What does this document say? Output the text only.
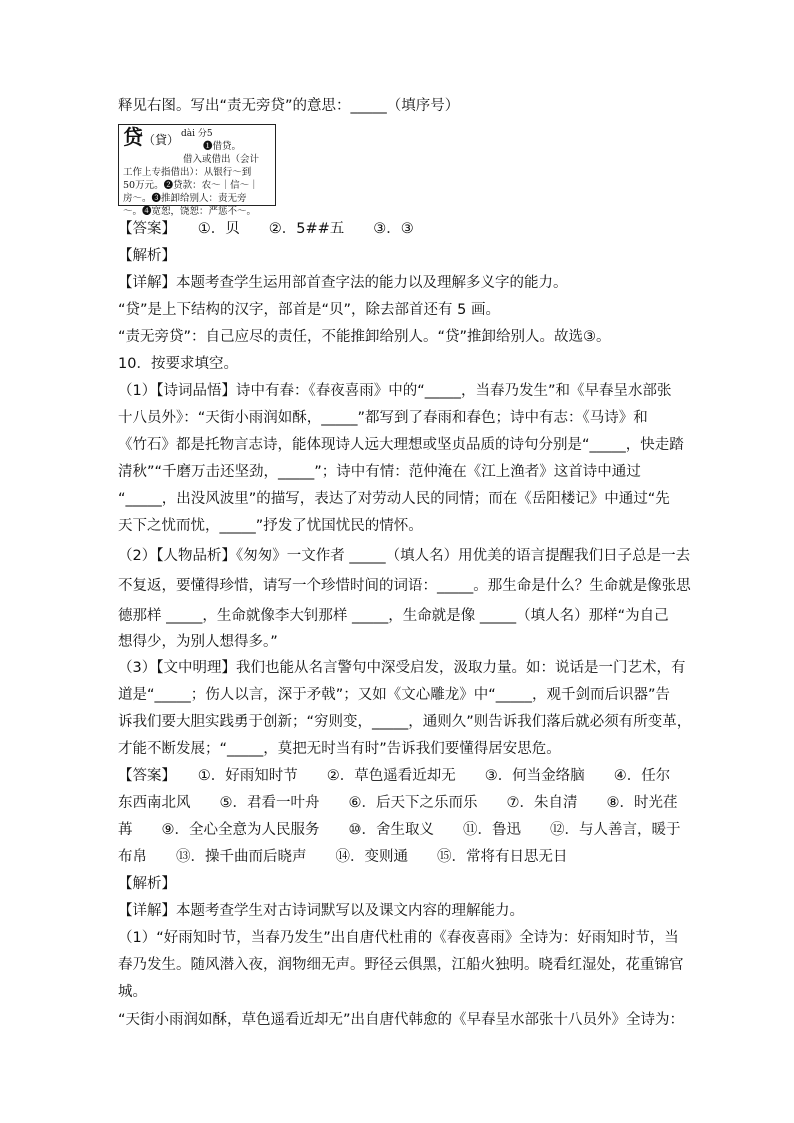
释见右图。写出“责无旁贷”的意思：_____（填序号）
贷（貸） dài 分5
❶借贷。
借入或借出（会计
工作上专指借出）：从银行～到
50万元。❷贷款：农～｜信～｜
房～。❸推卸给别人：责无旁
～。❹宽恕，饶恕：严惩不～。
【答案】　　①．贝　　②．5##五　　③．③
【解析】
【详解】本题考查学生运用部首查字法的能力以及理解多义字的能力。
“贷”是上下结构的汉字，部首是“贝”，除去部首还有 5 画。
“责无旁贷”：自己应尽的责任，不能推卸给别人。“贷”推卸给别人。故选③。
10．按要求填空。
（1）【诗词品悟】诗中有春：《春夜喜雨》中的“_____，当春乃发生”和《早春呈水部张
十八员外》：“天街小雨润如酥，_____”都写到了春雨和春色；诗中有志：《马诗》和
《竹石》都是托物言志诗，能体现诗人远大理想或坚贞品质的诗句分别是“_____，快走踏
清秋”“千磨万击还坚劲，_____”；诗中有情：范仲淹在《江上渔者》这首诗中通过
“_____，出没风波里”的描写，表达了对劳动人民的同情；而在《岳阳楼记》中通过“先
天下之忧而忧，_____”抒发了忧国忧民的情怀。
（2）【人物品析】《匆匆》一文作者 _____（填人名）用优美的语言提醒我们日子总是一去
不复返，要懂得珍惜，请写一个珍惜时间的词语：_____。那生命是什么？生命就是像张思
德那样 _____，生命就像李大钊那样 _____，生命就是像 _____（填人名）那样“为自己
想得少，为别人想得多。”
（3）【文中明理】我们也能从名言警句中深受启发，汲取力量。如：说话是一门艺术，有
道是“_____；伤人以言，深于矛戟”；又如《文心雕龙》中“_____，观千剑而后识器”告
诉我们要大胆实践勇于创新；“穷则变，_____，通则久”则告诉我们落后就必须有所变革，
才能不断发展；“_____，莫把无时当有时”告诉我们要懂得居安思危。
【答案】　　①．好雨知时节　　②．草色遥看近却无　　③．何当金络脑　　④．任尔
东西南北风　　⑤．君看一叶舟　　⑥．后天下之乐而乐　　⑦．朱自清　　⑧．时光荏
苒　　⑨．全心全意为人民服务　　⑩．舍生取义　　⑪．鲁迅　　⑫．与人善言，暖于
布帛　　⑬．操千曲而后晓声　　⑭．变则通　　⑮．常将有日思无日
【解析】
【详解】本题考查学生对古诗词默写以及课文内容的理解能力。
（1）“好雨知时节，当春乃发生”出自唐代杜甫的《春夜喜雨》全诗为：好雨知时节，当
春乃发生。随风潜入夜，润物细无声。野径云俱黑，江船火独明。晓看红湿处，花重锦官
城。
“天街小雨润如酥，草色遥看近却无”出自唐代韩愈的《早春呈水部张十八员外》全诗为：
